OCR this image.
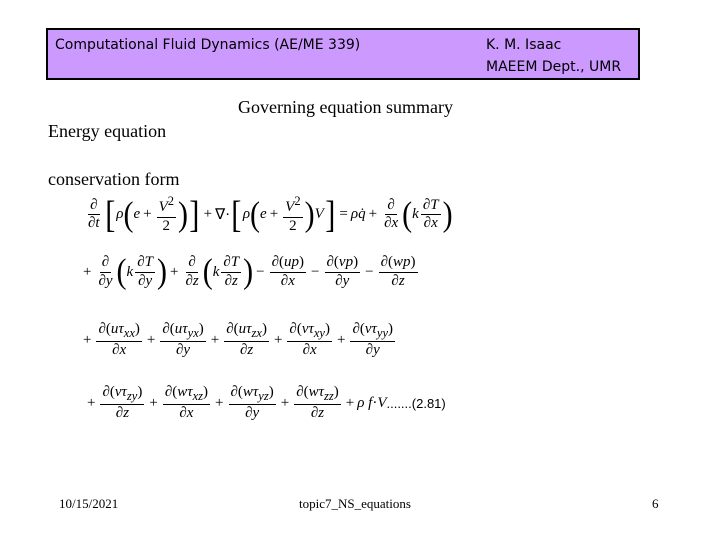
Computational Fluid Dynamics (AE/ME 339)	K. M. Isaac
MAEEM Dept., UMR
Governing equation summary
Energy equation
conservation form
$\frac{\partial}{\partial t}$ [ ρ ( $e + \frac{V^2}{2}$ ) ] + ∇· [ ρ ( $e + \frac{V^2}{2}$ ) V ] = ρq̇ + $\frac{\partial}{\partial x}$ ( k $\frac{\partial T}{\partial x}$ )
+ $\frac{\partial}{\partial y}$ ( k $\frac{\partial T}{\partial y}$ ) + $\frac{\partial}{\partial z}$ ( k $\frac{\partial T}{\partial z}$ ) − $\frac{\partial(up)}{\partial x} - \frac{\partial(vp)}{\partial y} - \frac{\partial(wp)}{\partial z}$
+ $\frac{\partial(u\tau_{xx})}{\partial x} + \frac{\partial(u\tau_{yx})}{\partial y} + \frac{\partial(u\tau_{zx})}{\partial z} + \frac{\partial(v\tau_{xy})}{\partial x} + \frac{\partial(v\tau_{yy})}{\partial y}$
+ $\frac{\partial(v\tau_{zy})}{\partial z} + \frac{\partial(w\tau_{xz})}{\partial x} + \frac{\partial(w\tau_{yz})}{\partial y} + \frac{\partial(w\tau_{zz})}{\partial z} + \rho$ f · V .......(2.81)
10/15/2021	topic7_NS_equations	6
